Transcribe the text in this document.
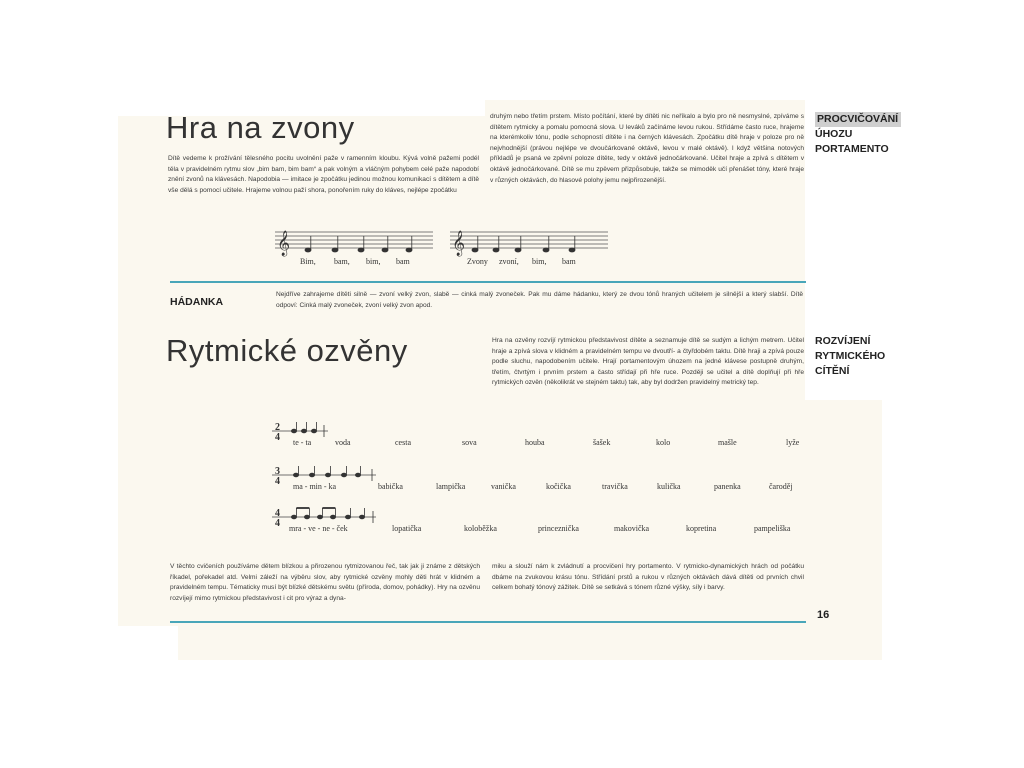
Hra na zvony
Dítě vedeme k prožívání tělesného pocitu uvolnění paže v ramenním kloubu. Kývá volně pažemi podél těla v pravidelném rytmu slov „bim bam, bim bam“ a pak volným a vláčným pohybem celé paže napodobí znění zvonů na klávesách. Napodobia — imitace je zpočátku jedinou možnou komunikací s dítětem a dítě vše dělá s pomocí učitele. Hrajeme volnou paží shora, ponořením ruky do kláves, nejlépe zpočátku
druhým nebo třetím prstem. Místo počítání, které by dítěti nic neříkalo a bylo pro ně nesmyslné, zpíváme s dítětem rytmicky a pomalu pomocná slova. U leváků začínáme levou rukou. Střídáme často ruce, hrajeme na kterémkoliv tónu, podle schopností dítěte i na černých klávesách. Zpočátku dítě hraje v poloze pro ně nejvhodnější (právou nejlépe ve dvoučárkované oktávě, levou v malé oktávě). I když většina notových příkladů je psaná ve zpěvní poloze dítěte, tedy v oktávě jednočárkované. Učitel hraje a zpívá s dítětem v oktávě jednočárkované. Dítě se mu zpěvem přizpůsobuje, takže se mimoděk učí přenášet tóny, které hraje v různých oktávách, do hlasové polohy jemu nejpřirozenější.
PROCVIČOVÁNÍ
ÚHOZU
PORTAMENTO
𝄞
Bim, bam, bim, bam
𝄞
Zvony zvoní, bim, bam
HÁDANKA
Nejdříve zahrajeme dítěti silně — zvoní velký zvon, slabě — cinká malý zvoneček. Pak mu dáme hádanku, který ze dvou tónů hraných učitelem je silnější a který slabší. Dítě odpoví: Cinká malý zvoneček, zvoní velký zvon apod.
Rytmické ozvěny	Hra na ozvěny rozvíjí rytmickou představivost dítěte a seznamuje dítě se sudým a lichým metrem. Učitel hraje a zpívá slova v klidném a pravidelném tempu ve dvoutří- a čtyřdobém taktu. Dítě hraji a zpívá pouze podle sluchu, napodobením učitele. Hrají portamentovým úhozem na jedné klávese postupně druhým, třetím, čtvrtým i prvním prstem a často střídají při hře ruce. Později se učitel a dítě doplňují při hře rytmických ozvěn (několikrát ve stejném taktu) tak, aby byl dodržen pravidelný metrický tep.
ROZVÍJENÍ
RYTMICKÉHO
CÍTĚNÍ
2
4 te - ta	voda	cesta	sova	houba	šašek	kolo	mašle	lyže
3
4 ma - min - ka	babička	lampička	vanička	kočička	travička	kulička	panenka	čaroděj
4
4 mra - ve - ne - ček	lopatička	koloběžka	princeznička	makovička	kopretina	pampeliška
V těchto cvičeních používáme dětem blízkou a přirozenou rytmizovanou řeč, tak jak ji známe z dětských říkadel, pořekadel atd. Velmi záleží na výběru slov, aby rytmické ozvěny mohly děti hrát v klidném a pravidelném tempu. Tématicky musí být blízké dětskému světu (příroda, domov, pohádky). Hry na ozvěnu rozvíjejí mimo rytmickou představivost i cit pro výraz a dyna-
miku a slouží nám k zvládnutí a procvičení hry portamento. V rytmicko-dynamických hrách od počátku dbáme na zvukovou krásu tónu. Střídání prstů a rukou v různých oktávách dává dítěti od prvních chvil celkem bohatý tónový zážitek. Dítě se setkává s tónem různé výšky, síly i barvy.
16
